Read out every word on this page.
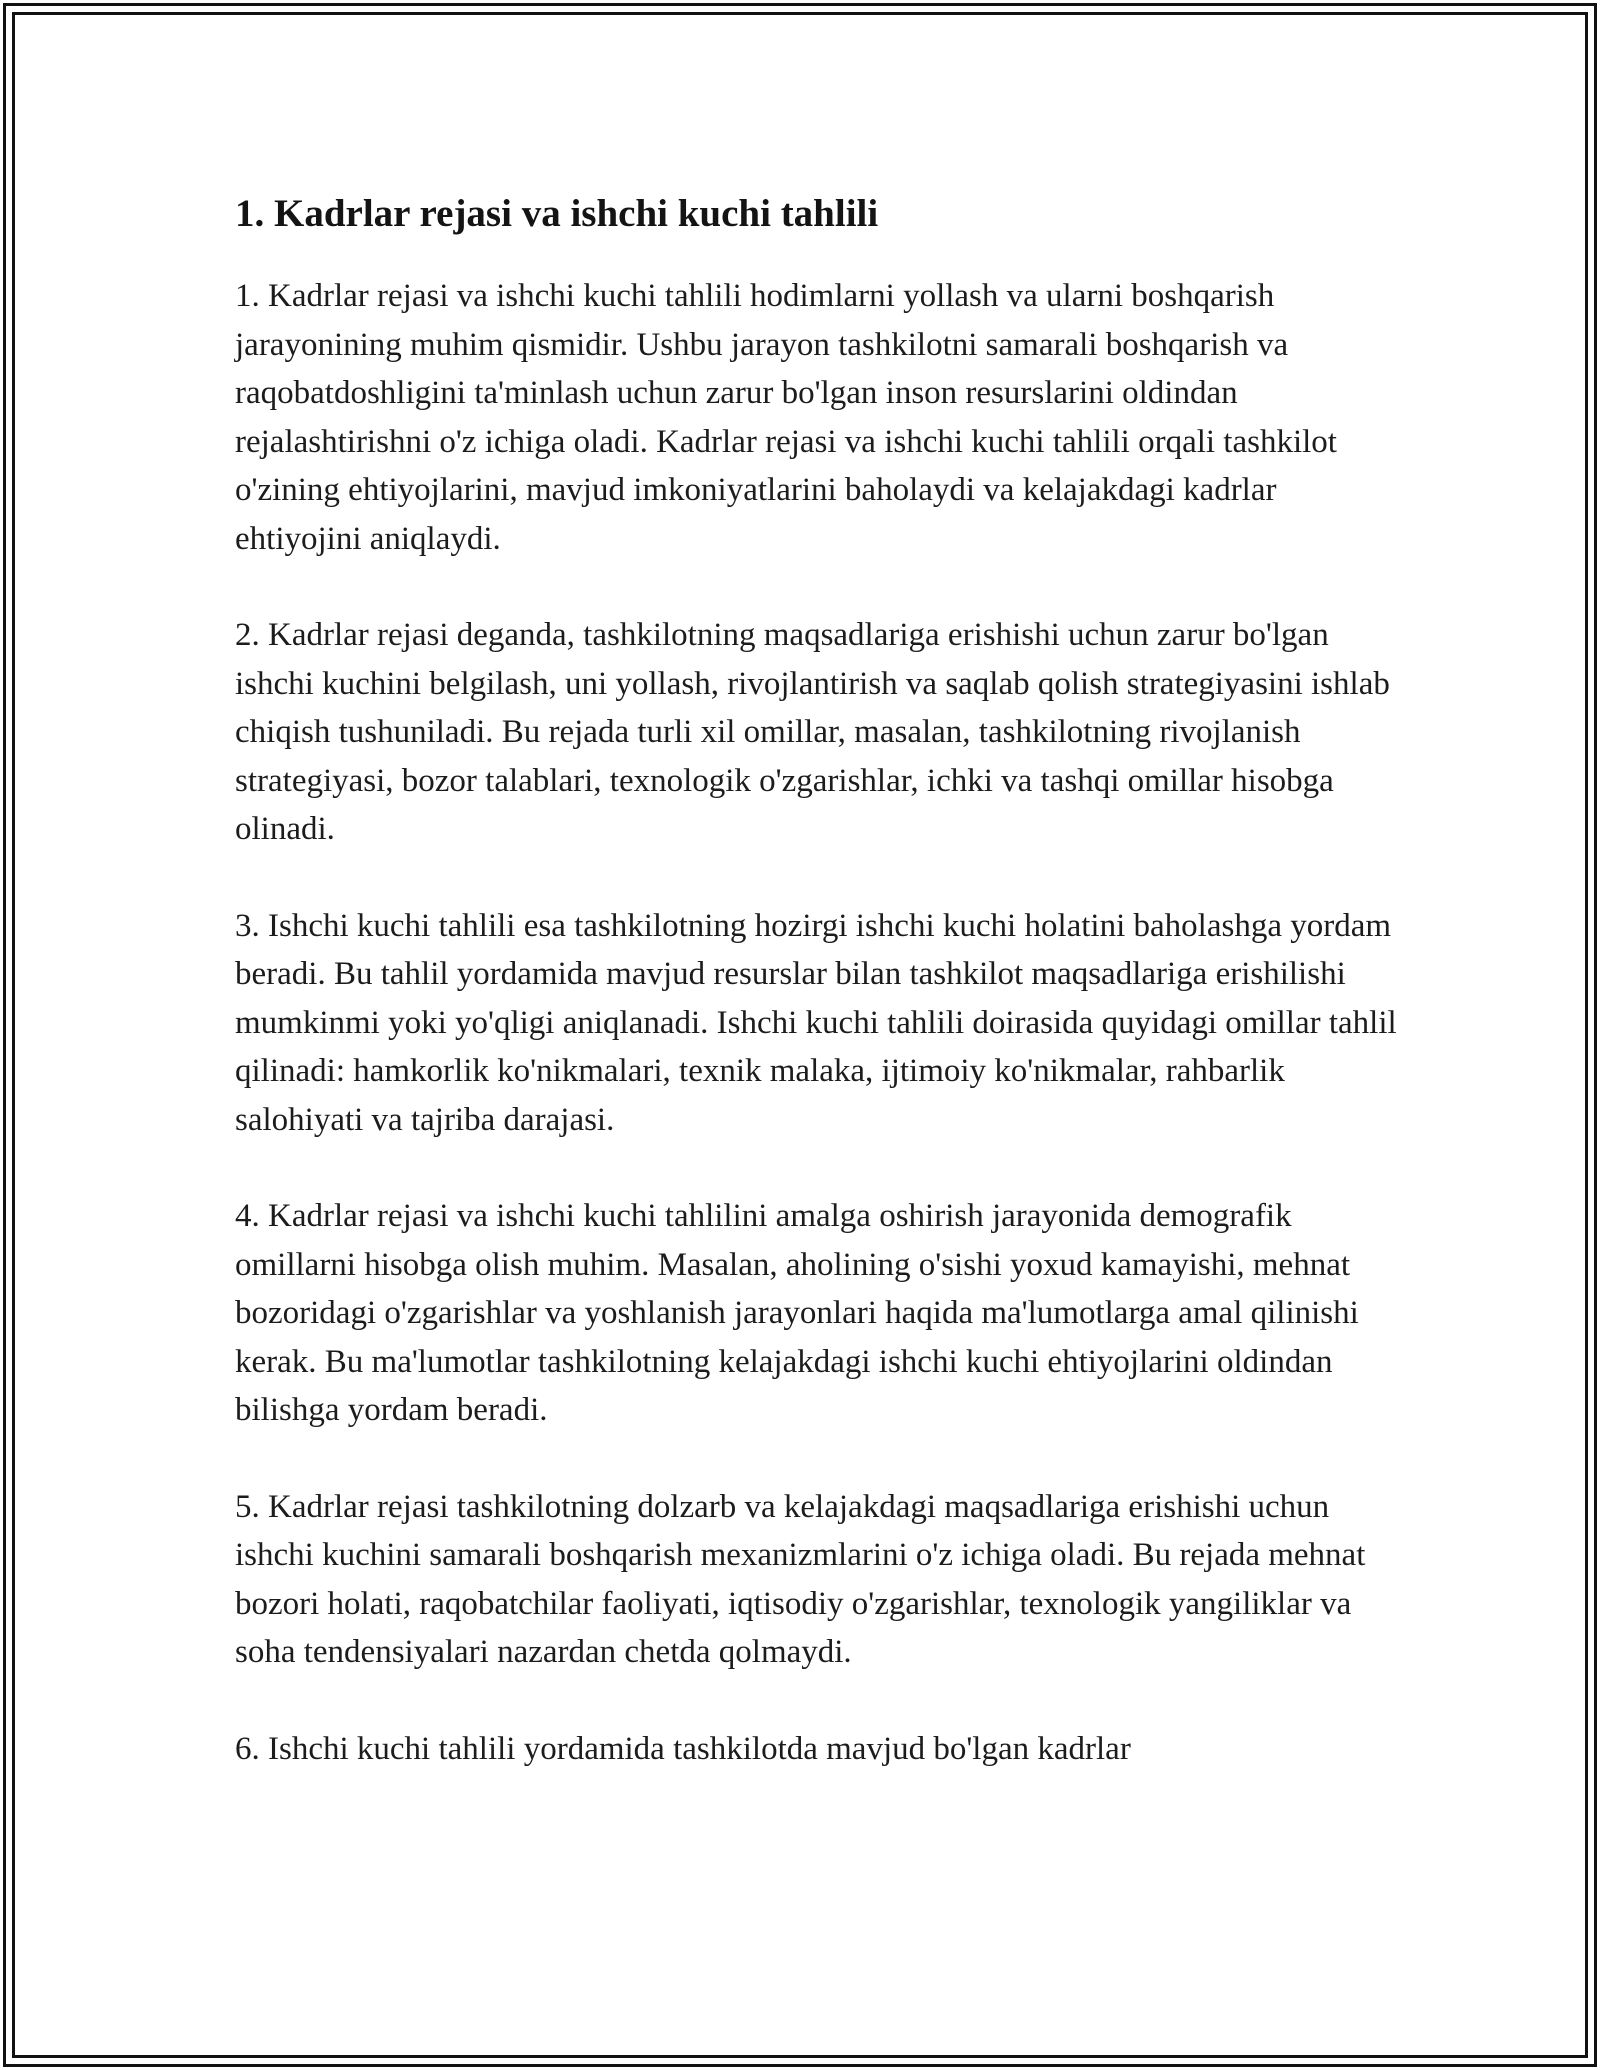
1. Kadrlar rejasi va ishchi kuchi tahlili

1. Kadrlar rejasi va ishchi kuchi tahlili hodimlarni yollash va ularni boshqarish jarayonining muhim qismidir. Ushbu jarayon tashkilotni samarali boshqarish va raqobatdoshligini ta'minlash uchun zarur bo'lgan inson resurslarini oldindan rejalashtirishni o'z ichiga oladi. Kadrlar rejasi va ishchi kuchi tahlili orqali tashkilot o'zining ehtiyojlarini, mavjud imkoniyatlarini baholaydi va kelajakdagi kadrlar ehtiyojini aniqlaydi.

2. Kadrlar rejasi deganda, tashkilotning maqsadlariga erishishi uchun zarur bo'lgan ishchi kuchini belgilash, uni yollash, rivojlantirish va saqlab qolish strategiyasini ishlab chiqish tushuniladi. Bu rejada turli xil omillar, masalan, tashkilotning rivojlanish strategiyasi, bozor talablari, texnologik o'zgarishlar, ichki va tashqi omillar hisobga olinadi.

3. Ishchi kuchi tahlili esa tashkilotning hozirgi ishchi kuchi holatini baholashga yordam beradi. Bu tahlil yordamida mavjud resurslar bilan tashkilot maqsadlariga erishilishi mumkinmi yoki yo'qligi aniqlanadi. Ishchi kuchi tahlili doirasida quyidagi omillar tahlil qilinadi: hamkorlik ko'nikmalari, texnik malaka, ijtimoiy ko'nikmalar, rahbarlik salohiyati va tajriba darajasi.

4. Kadrlar rejasi va ishchi kuchi tahlilini amalga oshirish jarayonida demografik omillarni hisobga olish muhim. Masalan, aholining o'sishi yoxud kamayishi, mehnat bozoridagi o'zgarishlar va yoshlanish jarayonlari haqida ma'lumotlarga amal qilinishi kerak. Bu ma'lumotlar tashkilotning kelajakdagi ishchi kuchi ehtiyojlarini oldindan bilishga yordam beradi.

5. Kadrlar rejasi tashkilotning dolzarb va kelajakdagi maqsadlariga erishishi uchun ishchi kuchini samarali boshqarish mexanizmlarini o'z ichiga oladi. Bu rejada mehnat bozori holati, raqobatchilar faoliyati, iqtisodiy o'zgarishlar, texnologik yangiliklar va soha tendensiyalari nazardan chetda qolmaydi.

6. Ishchi kuchi tahlili yordamida tashkilotda mavjud bo'lgan kadrlar
